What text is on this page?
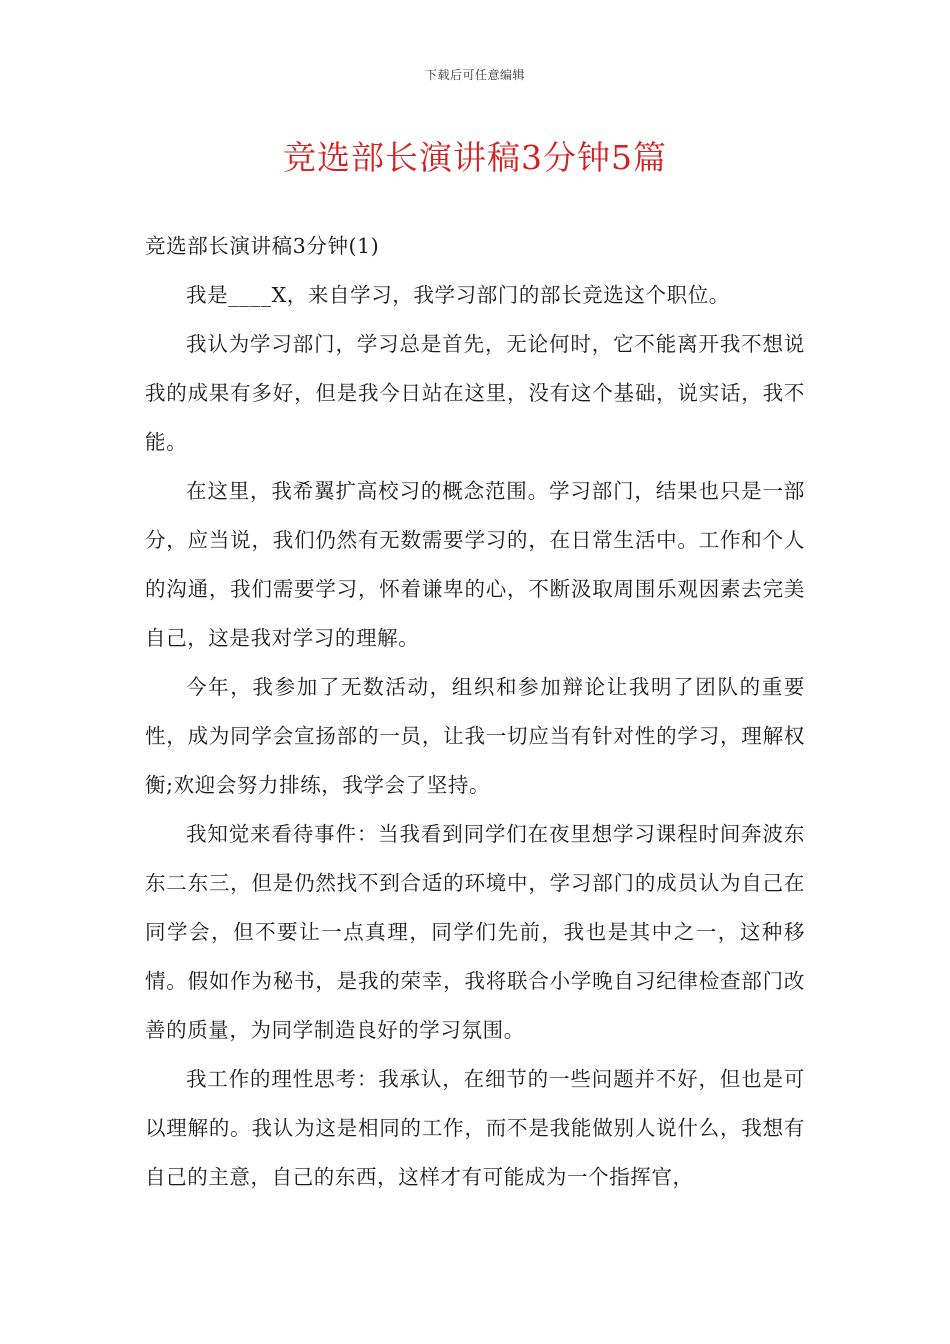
下载后可任意编辑
竞选部长演讲稿3分钟5篇
竞选部长演讲稿3分钟(1)

我是____X，来自学习，我学习部门的部长竞选这个职位。

我认为学习部门，学习总是首先，无论何时，它不能离开我不想说我的成果有多好，但是我今日站在这里，没有这个基础，说实话，我不能。

在这里，我希翼扩高校习的概念范围。学习部门，结果也只是一部分，应当说，我们仍然有无数需要学习的，在日常生活中。工作和个人的沟通，我们需要学习，怀着谦卑的心，不断汲取周围乐观因素去完美自己，这是我对学习的理解。

今年，我参加了无数活动，组织和参加辩论让我明了团队的重要性，成为同学会宣扬部的一员，让我一切应当有针对性的学习，理解权衡;欢迎会努力排练，我学会了坚持。

我知觉来看待事件：当我看到同学们在夜里想学习课程时间奔波东东二东三，但是仍然找不到合适的环境中，学习部门的成员认为自己在同学会，但不要让一点真理，同学们先前，我也是其中之一，这种移情。假如作为秘书，是我的荣幸，我将联合小学晚自习纪律检查部门改善的质量，为同学制造良好的学习氛围。

我工作的理性思考：我承认，在细节的一些问题并不好，但也是可以理解的。我认为这是相同的工作，而不是我能做别人说什么，我想有自己的主意，自己的东西，这样才有可能成为一个指挥官，
